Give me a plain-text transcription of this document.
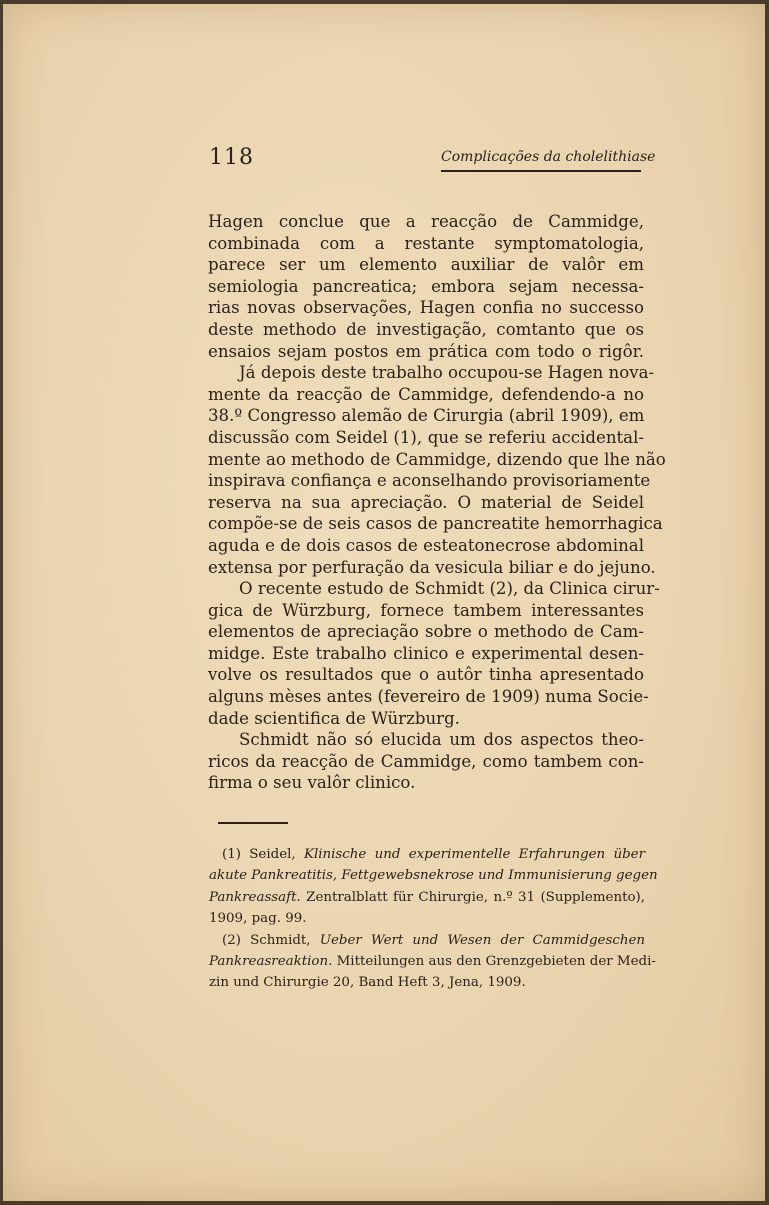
118	Complicações da cholelithiase
Hagen conclue que a reacção de Cammidge,
combinada com a restante symptomatologia,
parece ser um elemento auxiliar de valôr em
semiologia pancreatica; embora sejam necessa-
rias novas observações, Hagen confia no successo
deste methodo de investigação, comtanto que os
ensaios sejam postos em prática com todo o rigôr.
Já depois deste trabalho occupou-se Hagen nova-
mente da reacção de Cammidge, defendendo-a no
38.º Congresso alemão de Cirurgia (abril 1909), em
discussão com Seidel (1), que se referiu accidental-
mente ao methodo de Cammidge, dizendo que lhe não
inspirava confiança e aconselhando provisoriamente
reserva na sua apreciação. O material de Seidel
compõe-se de seis casos de pancreatite hemorrhagica
aguda e de dois casos de esteatonecrose abdominal
extensa por perfuração da vesicula biliar e do jejuno.
O recente estudo de Schmidt (2), da Clinica cirur-
gica de Würzburg, fornece tambem interessantes
elementos de apreciação sobre o methodo de Cam-
midge. Este trabalho clinico e experimental desen-
volve os resultados que o autôr tinha apresentado
alguns mèses antes (fevereiro de 1909) numa Socie-
dade scientifica de Würzburg.
Schmidt não só elucida um dos aspectos theo-
ricos da reacção de Cammidge, como tambem con-
firma o seu valôr clinico.
(1) Seidel, Klinische und experimentelle Erfahrungen über
akute Pankreatitis, Fettgewebsnekrose und Immunisierung gegen
Pankreassaft. Zentralblatt für Chirurgie, n.º 31 (Supplemento),
1909, pag. 99.
(2) Schmidt, Ueber Wert und Wesen der Cammidgeschen
Pankreasreaktion. Mitteilungen aus den Grenzgebieten der Medi-
zin und Chirurgie 20, Band Heft 3, Jena, 1909.
